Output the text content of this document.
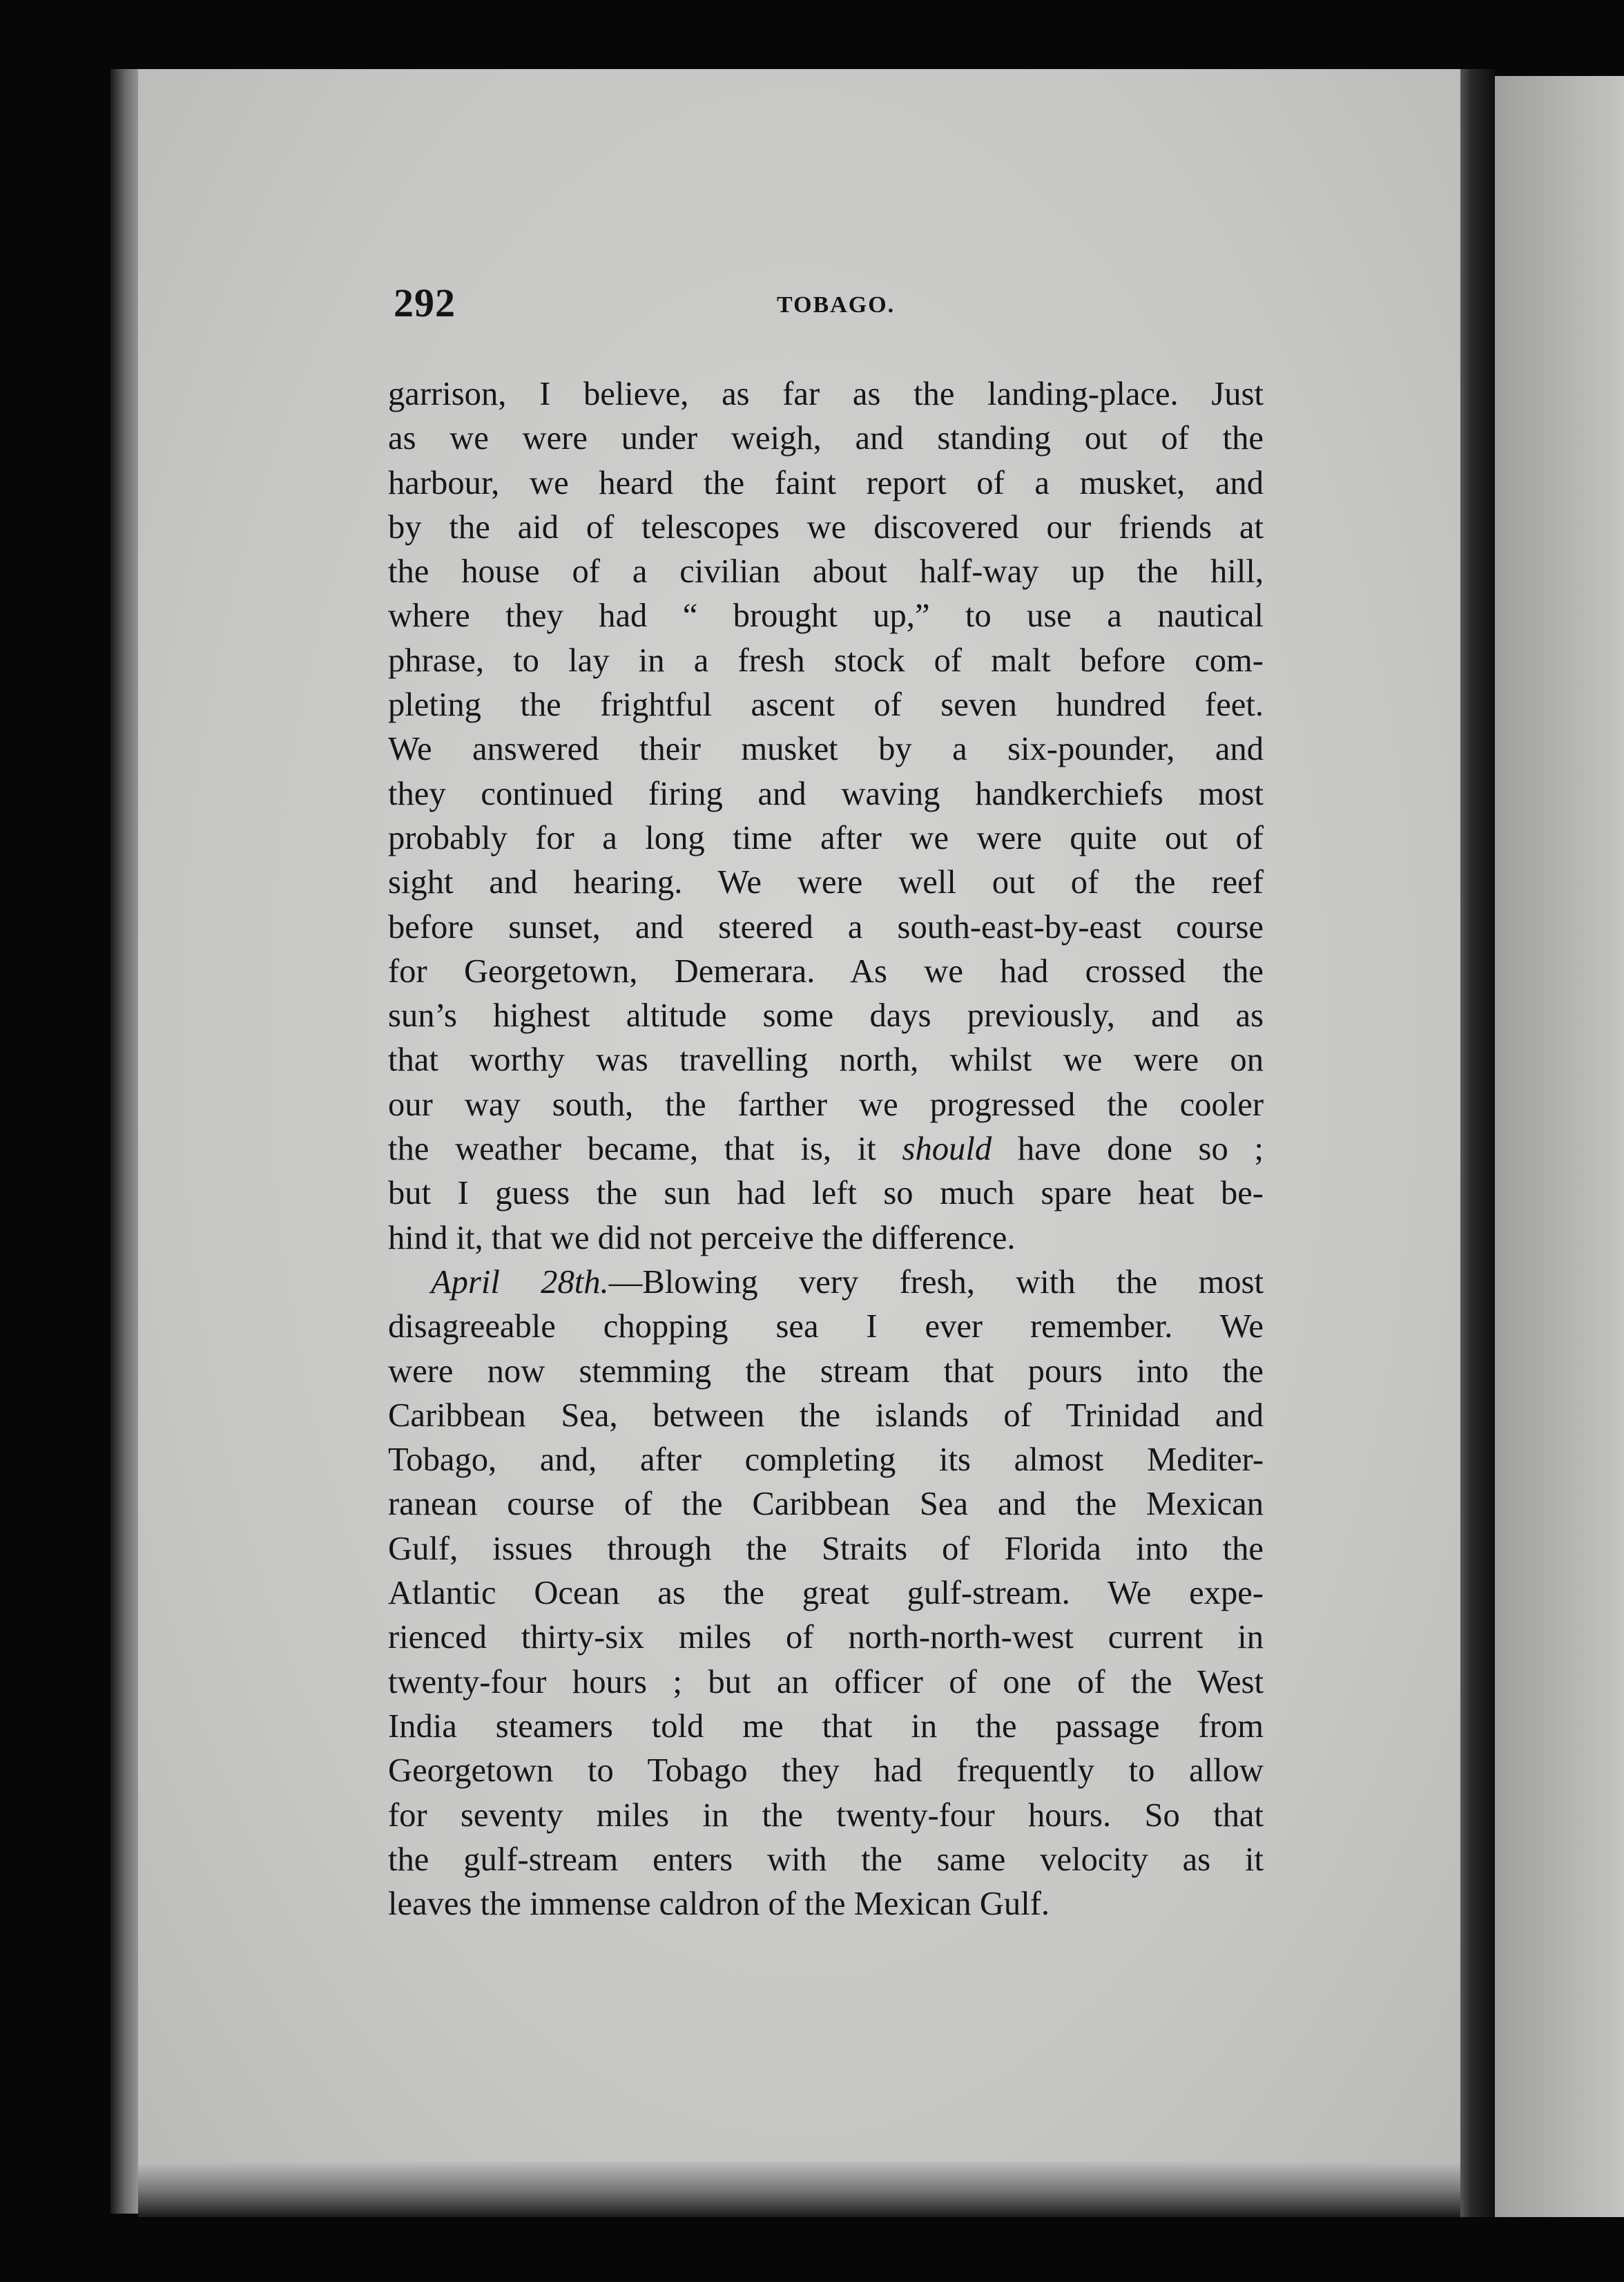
292	TOBAGO.
garrison, I believe, as far as the landing-place. Just
as we were under weigh, and standing out of the
harbour, we heard the faint report of a musket, and
by the aid of telescopes we discovered our friends at
the house of a civilian about half-way up the hill,
where they had “ brought up,” to use a nautical
phrase, to lay in a fresh stock of malt before com-
pleting the frightful ascent of seven hundred feet.
We answered their musket by a six-pounder, and
they continued firing and waving handkerchiefs most
probably for a long time after we were quite out of
sight and hearing. We were well out of the reef
before sunset, and steered a south-east-by-east course
for Georgetown, Demerara. As we had crossed the
sun’s highest altitude some days previously, and as
that worthy was travelling north, whilst we were on
our way south, the farther we progressed the cooler
the weather became, that is, it should have done so ;
but I guess the sun had left so much spare heat be-
hind it, that we did not perceive the difference.
April 28th.—Blowing very fresh, with the most
disagreeable chopping sea I ever remember. We
were now stemming the stream that pours into the
Caribbean Sea, between the islands of Trinidad and
Tobago, and, after completing its almost Mediter-
ranean course of the Caribbean Sea and the Mexican
Gulf, issues through the Straits of Florida into the
Atlantic Ocean as the great gulf-stream. We expe-
rienced thirty-six miles of north-north-west current in
twenty-four hours ; but an officer of one of the West
India steamers told me that in the passage from
Georgetown to Tobago they had frequently to allow
for seventy miles in the twenty-four hours. So that
the gulf-stream enters with the same velocity as it
leaves the immense caldron of the Mexican Gulf.
